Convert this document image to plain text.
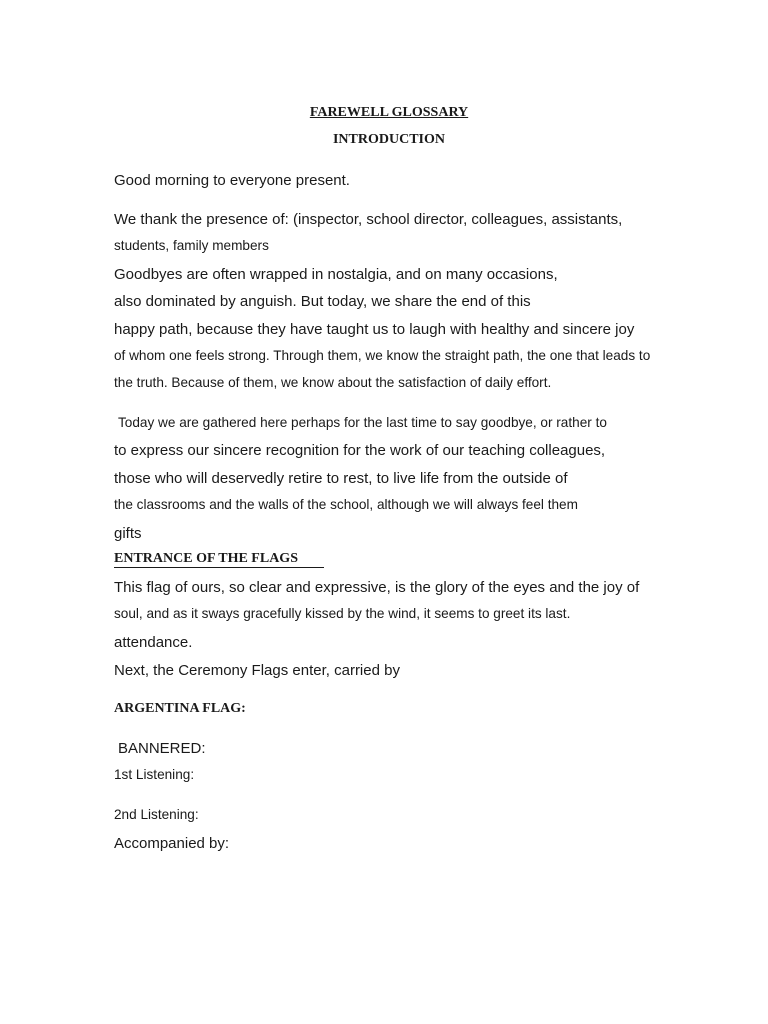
FAREWELL GLOSSARY
INTRODUCTION
Good morning to everyone present.
We thank the presence of: (inspector, school director, colleagues, assistants,
students, family members
Goodbyes are often wrapped in nostalgia, and on many occasions,
also dominated by anguish. But today, we share the end of this
happy path, because they have taught us to laugh with healthy and sincere joy
of whom one feels strong. Through them, we know the straight path, the one that leads to
the truth. Because of them, we know about the satisfaction of daily effort.
Today we are gathered here perhaps for the last time to say goodbye, or rather to
to express our sincere recognition for the work of our teaching colleagues,
those who will deservedly retire to rest, to live life from the outside of
the classrooms and the walls of the school, although we will always feel them
gifts
ENTRANCE OF THE FLAGS
This flag of ours, so clear and expressive, is the glory of the eyes and the joy of
soul, and as it sways gracefully kissed by the wind, it seems to greet its last.
attendance.
Next, the Ceremony Flags enter, carried by
ARGENTINA FLAG:
BANNERED:
1st Listening:
2nd Listening:
Accompanied by:
